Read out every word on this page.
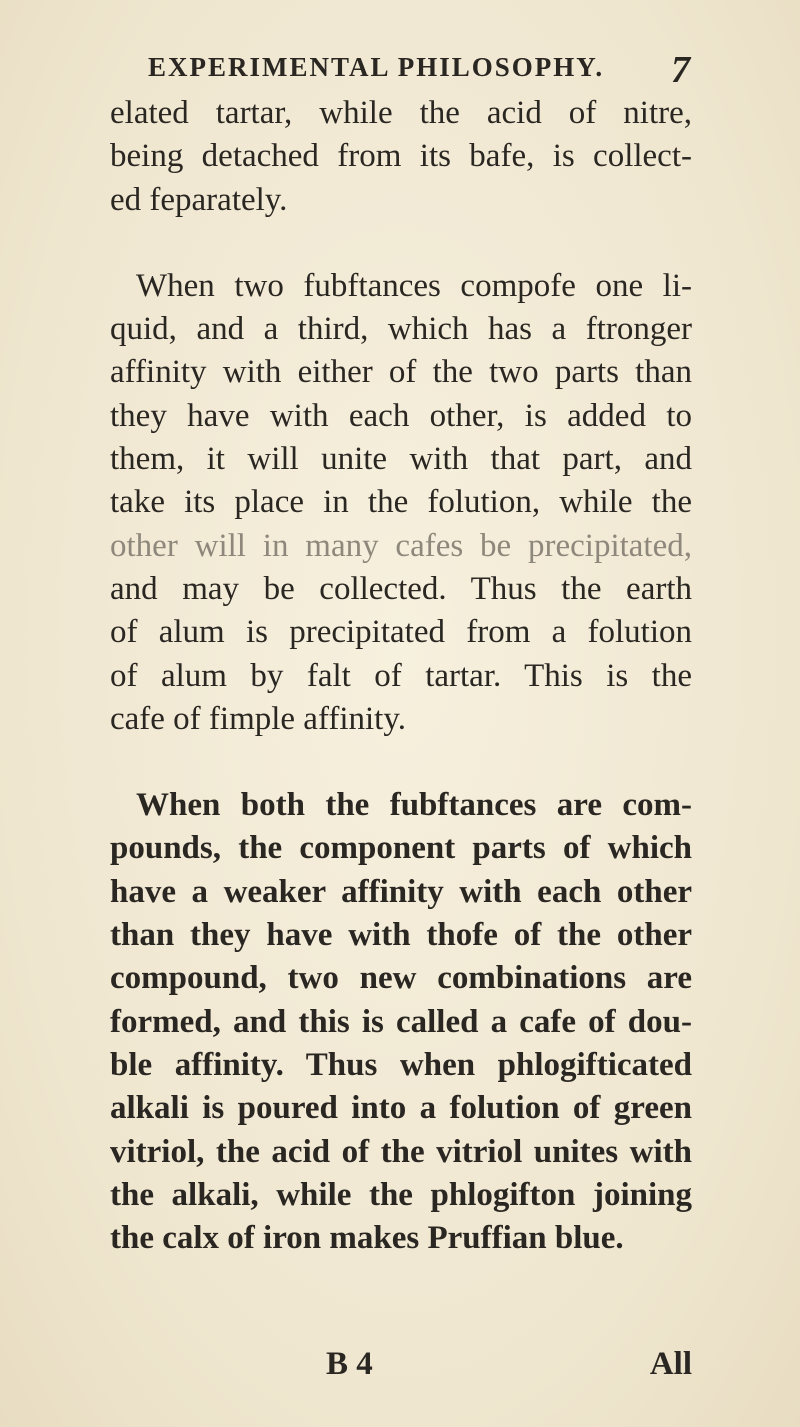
EXPERIMENTAL PHILOSOPHY. 7
elated tartar, while the acid of nitre,
being detached from its bafe, is collect-
ed feparately.
When two fubftances compofe one li-
quid, and a third, which has a ftronger
affinity with either of the two parts than
they have with each other, is added to
them, it will unite with that part, and
take its place in the folution, while the
other will in many cafes be precipitated,
and may be collected. Thus the earth
of alum is precipitated from a folution
of alum by falt of tartar. This is the
cafe of fimple affinity.
When both the fubftances are com-
pounds, the component parts of which
have a weaker affinity with each other
than they have with thofe of the other
compound, two new combinations are
formed, and this is called a cafe of dou-
ble affinity. Thus when phlogifticated
alkali is poured into a folution of green
vitriol, the acid of the vitriol unites with
the alkali, while the phlogifton joining
the calx of iron makes Pruffian blue.
B 4	All
